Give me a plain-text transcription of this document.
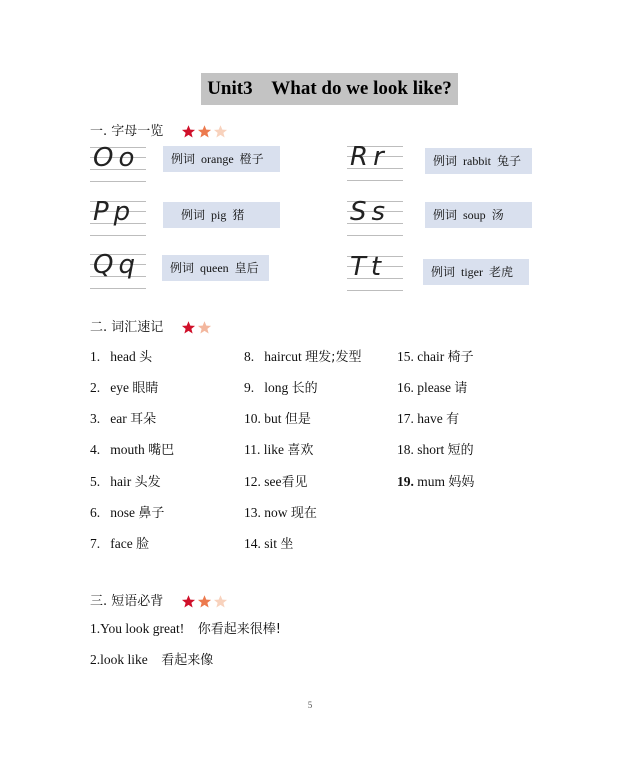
Unit3    What do we look like?
一. 字母一览
Oo	例词 orange 橙子
Pp	例词 pig 猪
Qq	例词 queen 皇后
Rr	例词 rabbit 兔子
Ss	例词 soup 汤
Tt	例词 tiger 老虎
二. 词汇速记
1. head 头
2. eye 眼睛
3. ear 耳朵
4. mouth 嘴巴
5. hair 头发
6. nose 鼻子
7. face 脸
8. haircut 理发;发型
9. long 长的
10. but 但是
11. like 喜欢
12. see看见
13. now 现在
14. sit 坐
15. chair 椅子
16. please 请
17. have 有
18. short 短的
19. mum 妈妈
三. 短语必背
1.You look great! 你看起来很棒!
2.look like 看起来像
5
